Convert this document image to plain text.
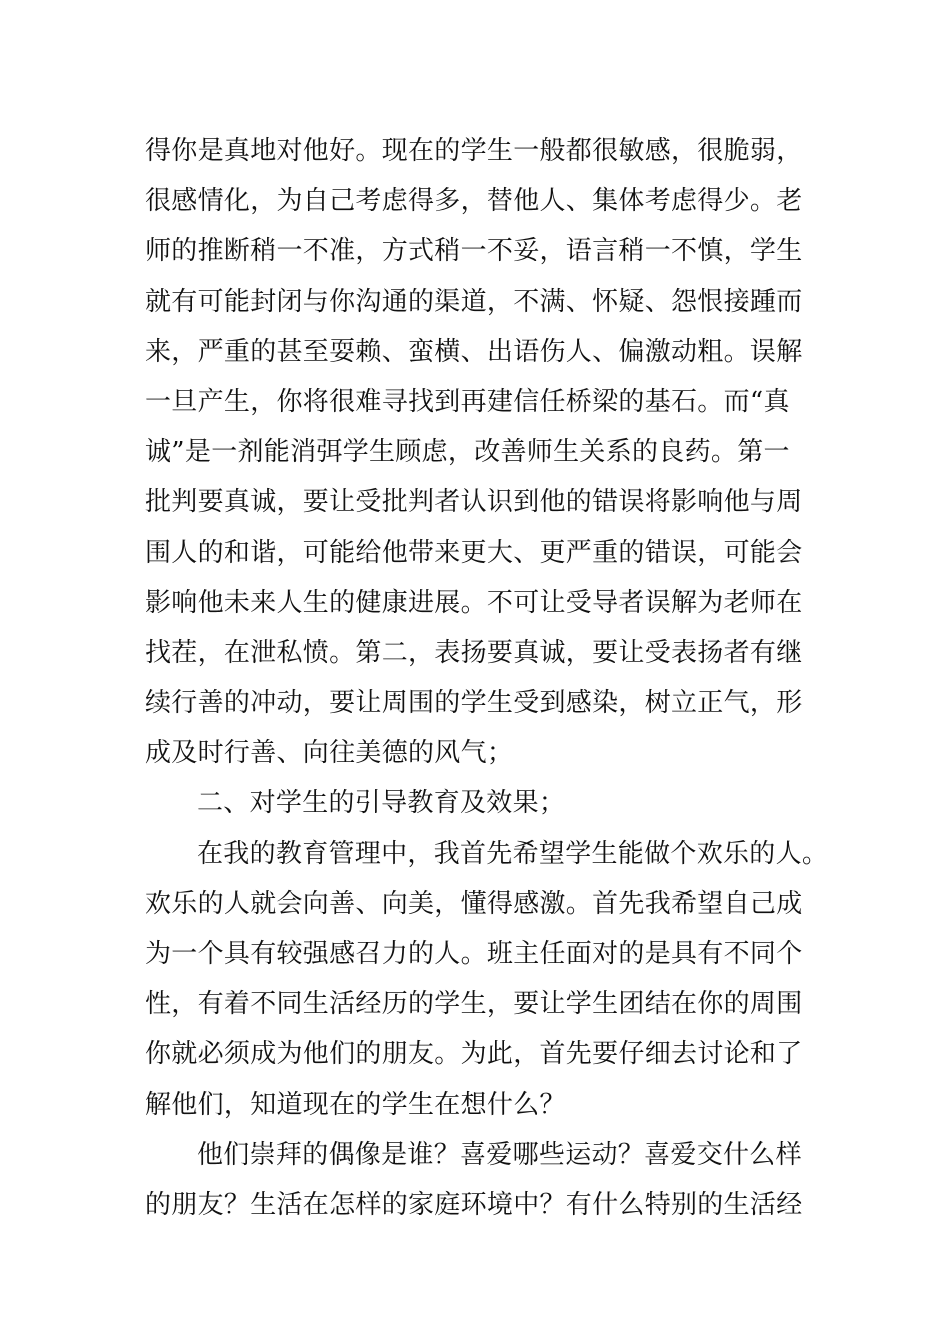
得你是真地对他好。现在的学生一般都很敏感，很脆弱，
很感情化，为自己考虑得多，替他人、集体考虑得少。老
师的推断稍一不准，方式稍一不妥，语言稍一不慎，学生
就有可能封闭与你沟通的渠道，不满、怀疑、怨恨接踵而
来，严重的甚至耍赖、蛮横、出语伤人、偏激动粗。误解
一旦产生，你将很难寻找到再建信任桥梁的基石。而“真
诚”是一剂能消弭学生顾虑，改善师生关系的良药。第一
批判要真诚，要让受批判者认识到他的错误将影响他与周
围人的和谐，可能给他带来更大、更严重的错误，可能会
影响他未来人生的健康进展。不可让受导者误解为老师在
找茬，在泄私愤。第二，表扬要真诚，要让受表扬者有继
续行善的冲动，要让周围的学生受到感染，树立正气，形
成及时行善、向往美德的风气；
二、对学生的引导教育及效果；
在我的教育管理中，我首先希望学生能做个欢乐的人。
欢乐的人就会向善、向美，懂得感激。首先我希望自己成
为一个具有较强感召力的人。班主任面对的是具有不同个
性，有着不同生活经历的学生，要让学生团结在你的周围
你就必须成为他们的朋友。为此，首先要仔细去讨论和了
解他们，知道现在的学生在想什么？
他们崇拜的偶像是谁？喜爱哪些运动？喜爱交什么样
的朋友？生活在怎样的家庭环境中？有什么特别的生活经
